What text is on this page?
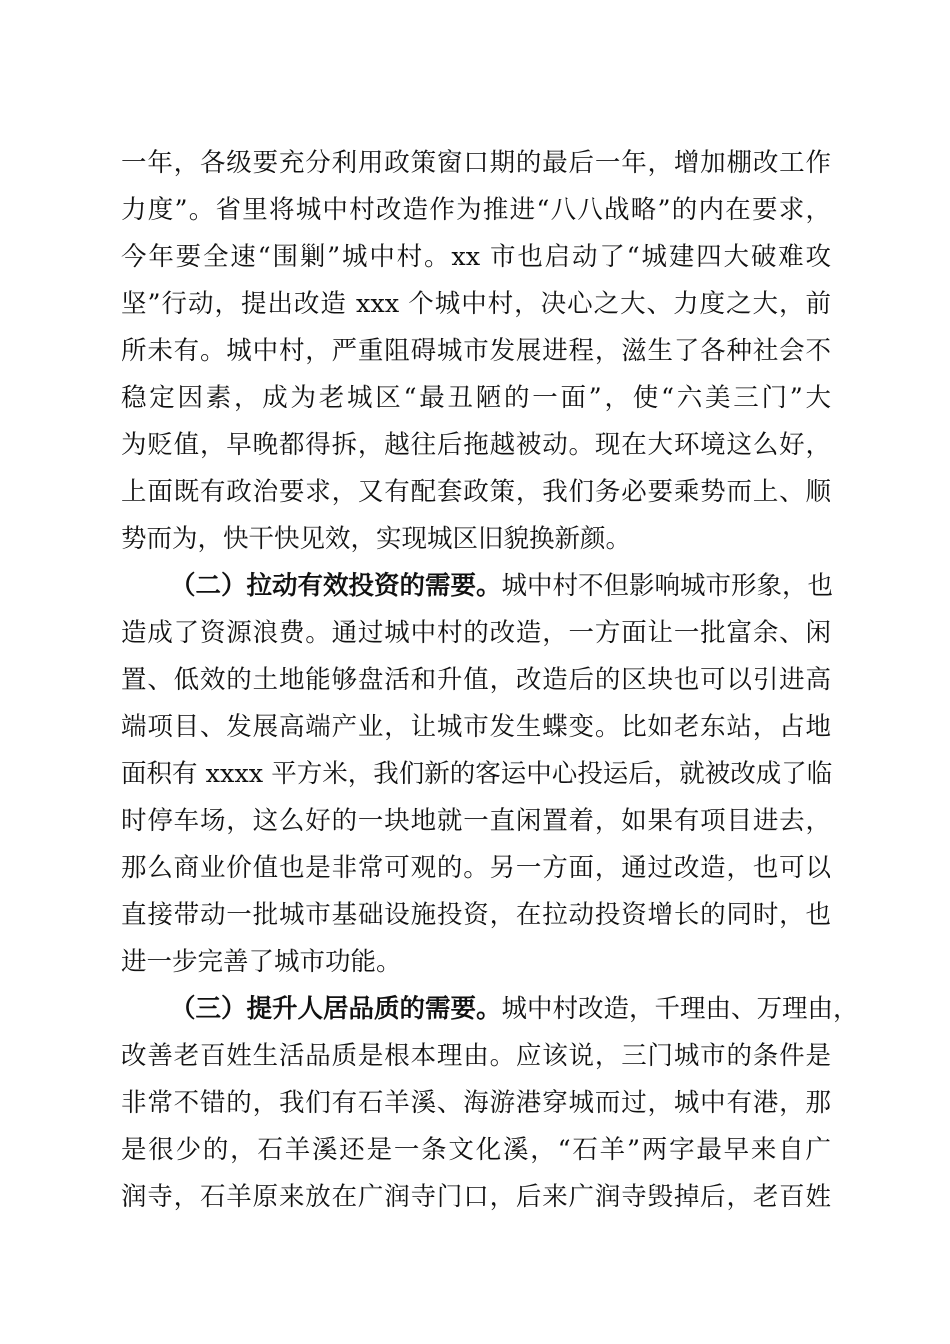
一年，各级要充分利用政策窗口期的最后一年，增加棚改工作
力度”。省里将城中村改造作为推进“八八战略”的内在要求，
今年要全速“围剿”城中村。xx 市也启动了“城建四大破难攻
坚”行动，提出改造 xxx 个城中村，决心之大、力度之大，前
所未有。城中村，严重阻碍城市发展进程，滋生了各种社会不
稳定因素，成为老城区“最丑陋的一面”，使“六美三门”大
为贬值，早晚都得拆，越往后拖越被动。现在大环境这么好，
上面既有政治要求，又有配套政策，我们务必要乘势而上、顺
势而为，快干快见效，实现城区旧貌换新颜。
（二）拉动有效投资的需要。城中村不但影响城市形象，也
造成了资源浪费。通过城中村的改造，一方面让一批富余、闲
置、低效的土地能够盘活和升值，改造后的区块也可以引进高
端项目、发展高端产业，让城市发生蝶变。比如老东站，占地
面积有 xxxx 平方米，我们新的客运中心投运后，就被改成了临
时停车场，这么好的一块地就一直闲置着，如果有项目进去，
那么商业价值也是非常可观的。另一方面，通过改造，也可以
直接带动一批城市基础设施投资，在拉动投资增长的同时，也
进一步完善了城市功能。
（三）提升人居品质的需要。城中村改造，千理由、万理由，
改善老百姓生活品质是根本理由。应该说，三门城市的条件是
非常不错的，我们有石羊溪、海游港穿城而过，城中有港，那
是很少的，石羊溪还是一条文化溪，“石羊”两字最早来自广
润寺，石羊原来放在广润寺门口，后来广润寺毁掉后，老百姓
